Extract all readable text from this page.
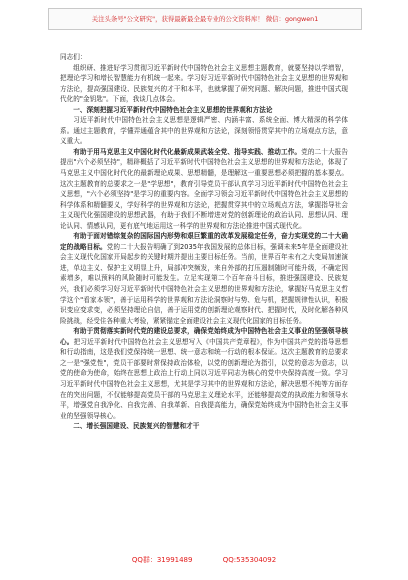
关注头条号"公文研究"，获得最新最全最专业的公文资料库！ 微信：gongwen1

同志们：

组织研、推进好学习贯彻习近平新时代中国特色社会主义思想主题教育，就要坚持以学增智，把理论学习和增长智慧能力有机统一起来。学习好习近平新时代中国特色社会主义思想的世界观和方法论，提高强国建设、民族复兴的才干和本平，也就掌握了研究问题、解决问题，推进中国式现代化的"金钥匙"。下面，我谈几点体会。

一、深刻把握习近平新时代中国特色社会主义思想的世界观和方法论

习近平新时代中国特色社会主义思想是逻辑严密、内涵丰富、系统全面、博大精深的科学体系。通过主题教育，学懂弄通蕴含其中的世界观和方法论，深刻领悟贯穿其中的立场观点方法，意义重大。

有助于用马克思主义中国化时代化最新成果武装全党、指导实践、推动工作。党的二十大报告提出"六个必须坚持"，精辟概括了习近平新时代中国特色社会主义思想的世界观和方法论，体现了马克思主义中国化时代化的最新理论成果、思想精髓，是理解这一重要思想必须把握的基本要点。这次主题教育的总要求之一是"学思想"，教育引导党员干部认真学习习近平新时代中国特色社会主义思想，"六个必须坚持"是学习的重要内容。全面学习领会习近平新时代中国特色社会主义思想的科学体系和精髓要义，学好科学的世界观和方法论，把握贯穿其中的立场观点方法，掌握指导社会主义现代化强国建设的思想武器，有助于我们不断增进对党的创新理论的政治认同、思想认同、理论认同、情感认同，更有底气地运用这一科学的世界观和方法论推进中国式现代化。

有助于面对错综复杂的国际国内形势和艰巨繁重的改革发展稳定任务，奋力实现党的二十大确定的战略目标。党的二十大报告明确了到2035年我国发展的总体目标，强调未来5年是全面建设社会主义现代化国家开局起步的关键时期并提出主要目标任务。当前，世界百年未有之大变局加速演进，单边主义、保护主义明显上升，局部冲突频发，来自外部的打压遏制随时可能升级，不确定因素增多，难以预料的风险随时可能发生。立足实现第二个百年奋斗目标，推进强国建设、民族复兴，我们必须学习好习近平新时代中国特色社会主义思想的世界观和方法论，掌握好马克思主义哲学这个"看家本领"，善于运用科学的世界观和方法论洞察时与势、危与机，把握规律性认识，积极识变应变求变，必须坚持理论自信，善于运用党的创新理论观察时代、把握时代，及时化解各种风险挑战，经受住各种重大考验，紧紧锚定全面建设社会主义现代化国家的目标任务。

有助于贯彻落实新时代党的建设总要求，确保党始终成为中国特色社会主义事业的坚强领导核心。把习近平新时代中国特色社会主义思想写入《中国共产党章程》，作为中国共产党的指导思想和行动指南，这是我们党保持统一思想、统一意志和统一行动的根本保证。这次主题教育的总要求之一是"强党性"，党员干部要时常保持政治体检，以党的创新理论为指引，以党的意志为意志，以党的使命为使命，始终在思想上政治上行动上同以习近平同志为核心的党中央保持高度一致。学习习近平新时代中国特色社会主义思想，尤其是学习其中的世界观和方法论，解决思想不纯等方面存在的突出问题，不仅能够提高党员干部的马克思主义理论水平，还能够提高党的执政能力和领导水平，增强党自我净化、自我完善、自我革新、自我提高能力，确保党始终成为中国特色社会主义事业的坚强领导核心。

二、增长强国建设、民族复兴的智慧和才干

QQ群：31991489	QQ:535304092
